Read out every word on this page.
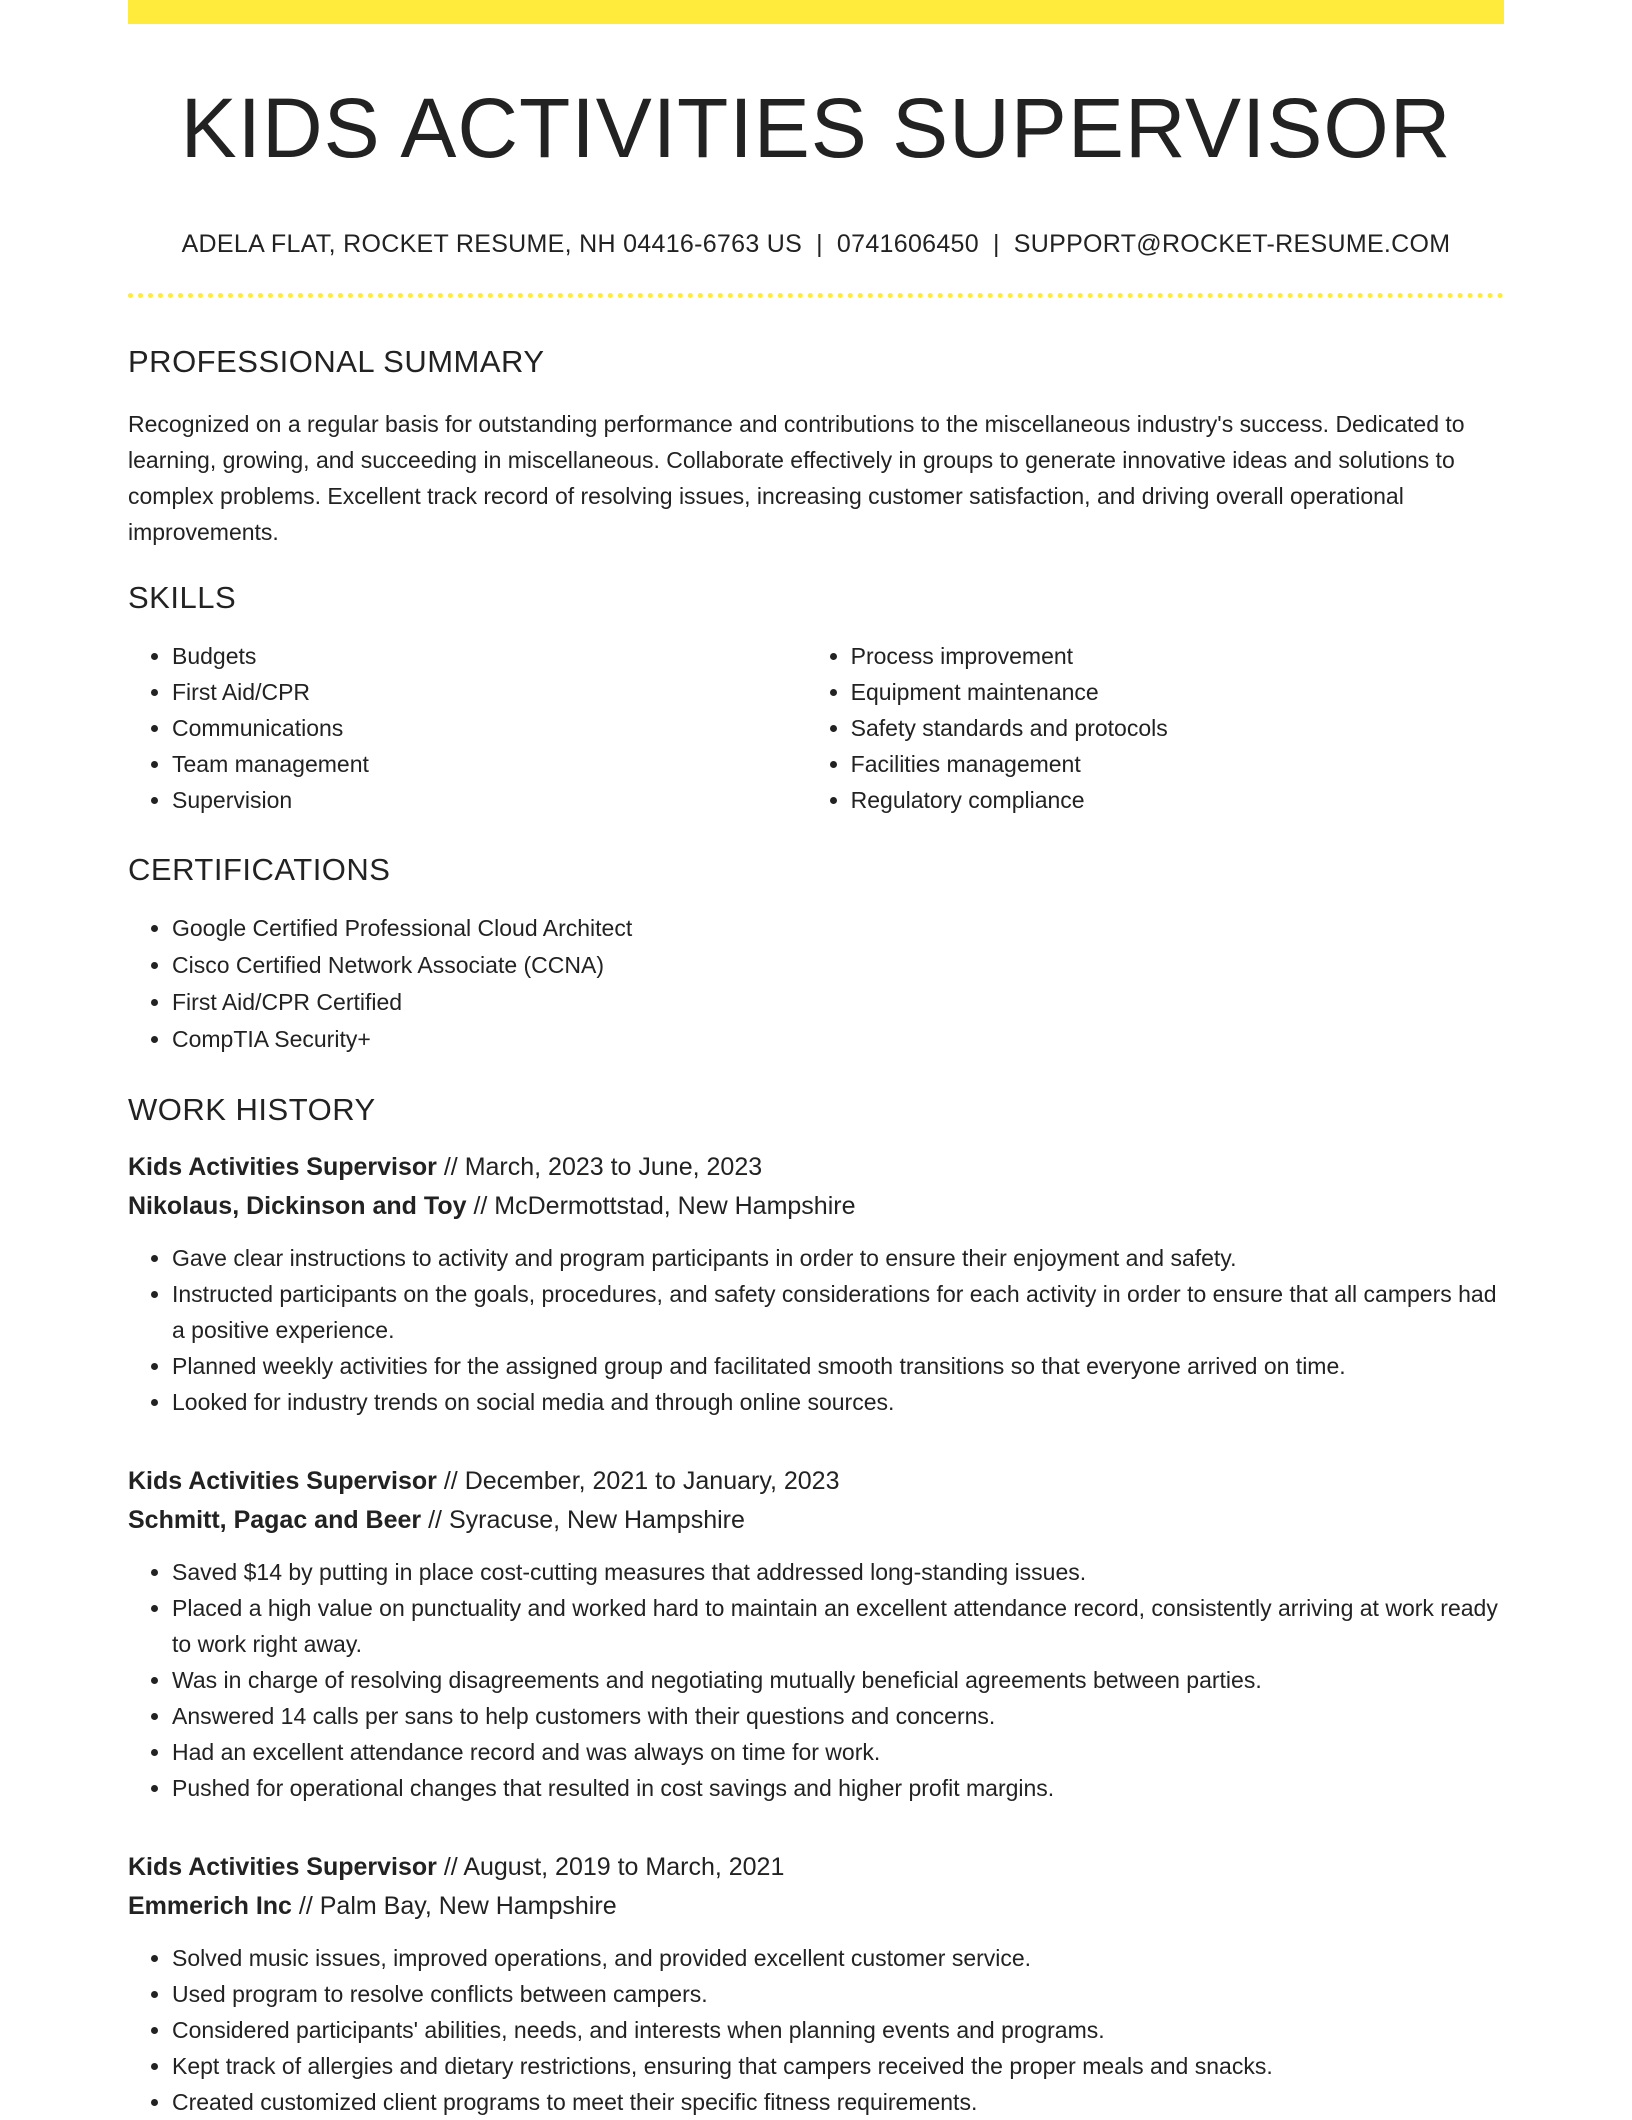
KIDS ACTIVITIES SUPERVISOR
ADELA FLAT, ROCKET RESUME, NH 04416-6763 US | 0741606450 | SUPPORT@ROCKET-RESUME.COM
PROFESSIONAL SUMMARY

Recognized on a regular basis for outstanding performance and contributions to the miscellaneous industry's success. Dedicated to learning, growing, and succeeding in miscellaneous. Collaborate effectively in groups to generate innovative ideas and solutions to complex problems. Excellent track record of resolving issues, increasing customer satisfaction, and driving overall operational improvements.

SKILLS
• Budgets
• First Aid/CPR
• Communications
• Team management
• Supervision
• Process improvement
• Equipment maintenance
• Safety standards and protocols
• Facilities management
• Regulatory compliance
CERTIFICATIONS
• Google Certified Professional Cloud Architect
• Cisco Certified Network Associate (CCNA)
• First Aid/CPR Certified
• CompTIA Security+
WORK HISTORY
Kids Activities Supervisor // March, 2023 to June, 2023
Nikolaus, Dickinson and Toy // McDermottstad, New Hampshire
• Gave clear instructions to activity and program participants in order to ensure their enjoyment and safety.
• Instructed participants on the goals, procedures, and safety considerations for each activity in order to ensure that all campers had a positive experience.
• Planned weekly activities for the assigned group and facilitated smooth transitions so that everyone arrived on time.
• Looked for industry trends on social media and through online sources.
Kids Activities Supervisor // December, 2021 to January, 2023
Schmitt, Pagac and Beer // Syracuse, New Hampshire
• Saved $14 by putting in place cost-cutting measures that addressed long-standing issues.
• Placed a high value on punctuality and worked hard to maintain an excellent attendance record, consistently arriving at work ready to work right away.
• Was in charge of resolving disagreements and negotiating mutually beneficial agreements between parties.
• Answered 14 calls per sans to help customers with their questions and concerns.
• Had an excellent attendance record and was always on time for work.
• Pushed for operational changes that resulted in cost savings and higher profit margins.
Kids Activities Supervisor // August, 2019 to March, 2021
Emmerich Inc // Palm Bay, New Hampshire
• Solved music issues, improved operations, and provided excellent customer service.
• Used program to resolve conflicts between campers.
• Considered participants' abilities, needs, and interests when planning events and programs.
• Kept track of allergies and dietary restrictions, ensuring that campers received the proper meals and snacks.
• Created customized client programs to meet their specific fitness requirements.
